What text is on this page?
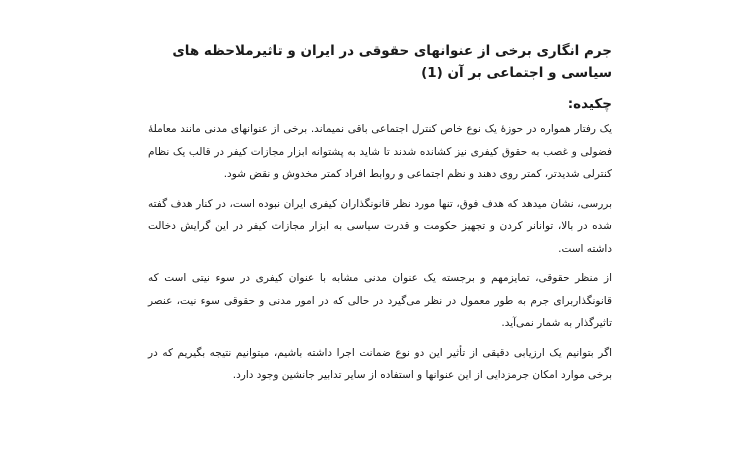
جرم انگاری برخی از عنوانهای حقوقی در ایران و تاثیرملاحظه های سیاسی و اجتماعی بر آن (1)
چکیده:

یک رفتار همواره در حوزۀ یک نوع خاص کنترل اجتماعی باقی نمیماند. برخی از عنوانهای مدنی مانند معاملۀ فضولی و غصب به حقوق کیفری نیز کشانده شدند تا شاید به پشتوانه ابزار مجازات کیفر در قالب یک نظام کنترلی شدیدتر، کمتر روی دهند و نظم اجتماعی و روابط افراد کمتر مخدوش و نقض شود.

بررسی، نشان میدهد که هدف فوق، تنها مورد نظر قانونگذاران کیفری ایران نبوده است، در کنار هدف گفته شده در بالا، توانانر کردن و تجهیز حکومت و قدرت سیاسی به ابزار مجازات کیفر در این گرایش دخالت داشته است.

از منظر حقوقی، تمایزمهم و برجسته یک عنوان مدنی مشابه با عنوان کیفری در سوء نیتی است که قانونگذاربرای جرم به طور معمول در نظر می‌گیرد در حالی که در امور مدنی و حقوقی سوء نیت، عنصر تاثیرگذار به شمار نمی‌آید.

اگر بتوانیم یک ارزیابی دقیقی از تأثیر این دو نوع ضمانت اجرا داشته باشیم، میتوانیم نتیجه بگیریم که در برخی موارد امکان جرمزدایی از این عنوانها و استفاده از سایر تدابیر جانشین وجود دارد.
